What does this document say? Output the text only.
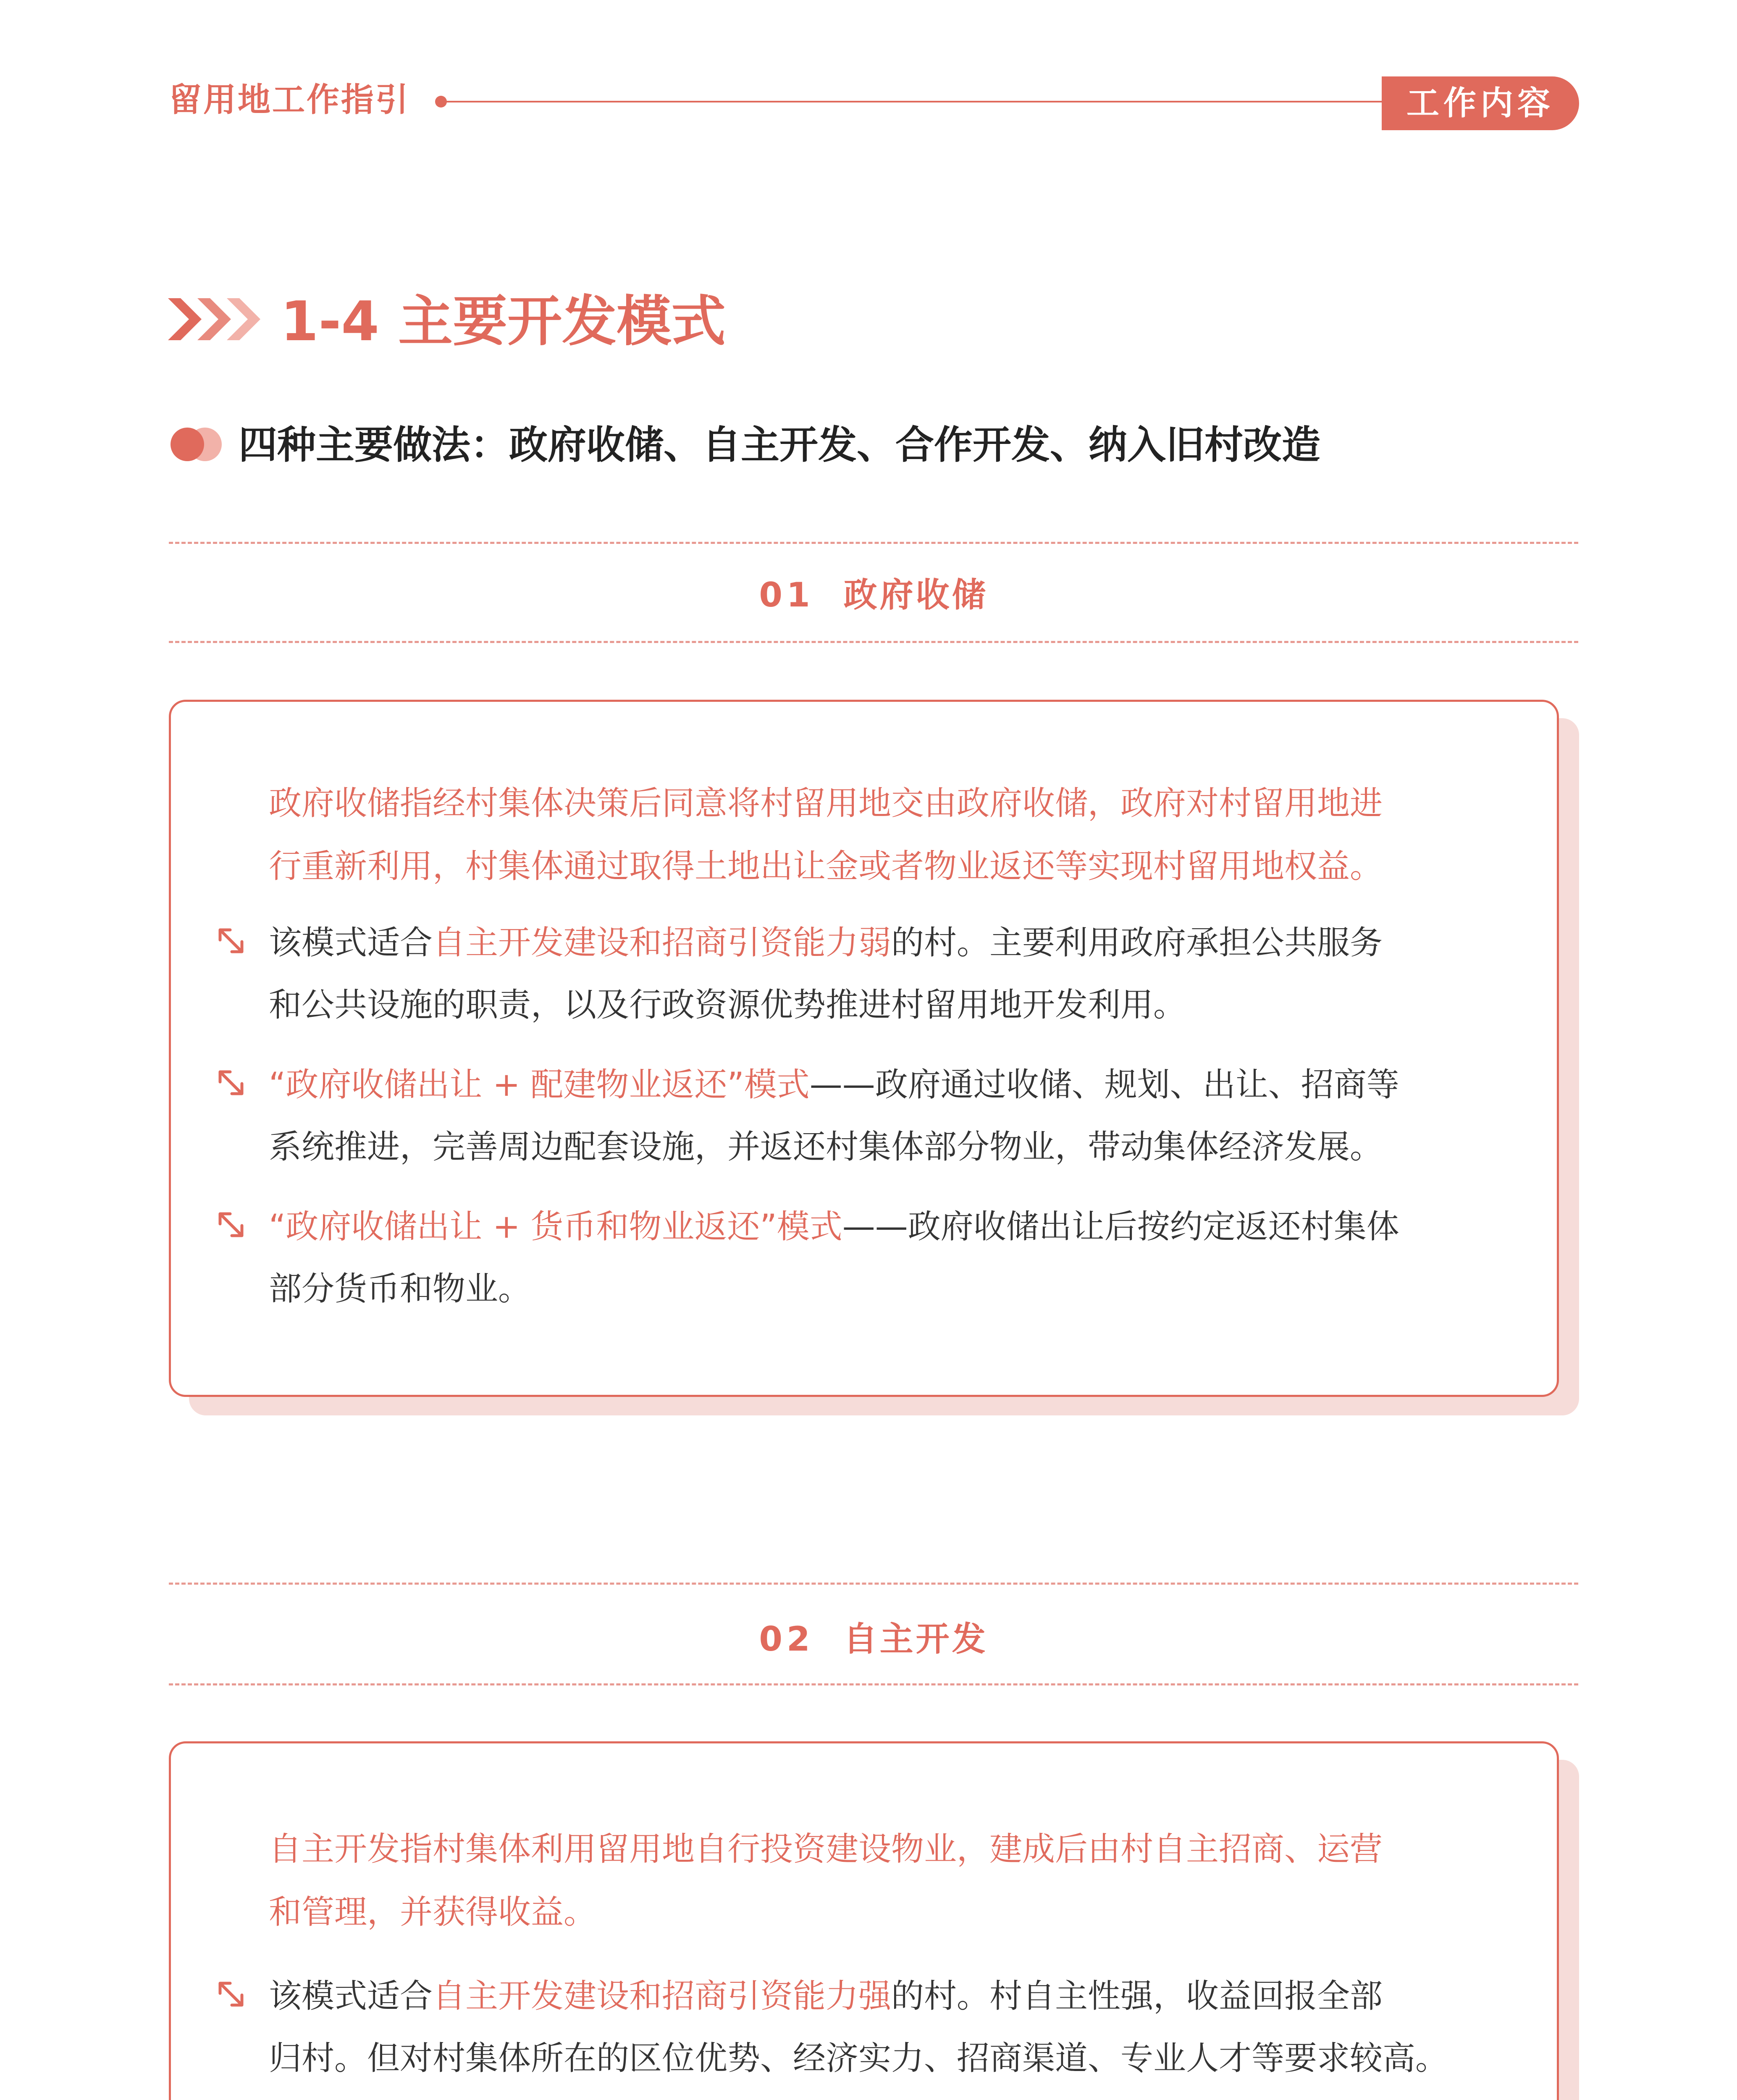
留用地工作指引	工作内容
1-4 主要开发模式
四种主要做法：政府收储、自主开发、合作开发、纳入旧村改造
01 政府收储
政府收储指经村集体决策后同意将村留用地交由政府收储，政府对村留用地进
行重新利用，村集体通过取得土地出让金或者物业返还等实现村留用地权益。
该模式适合自主开发建设和招商引资能力弱的村。主要利用政府承担公共服务
和公共设施的职责，以及行政资源优势推进村留用地开发利用。
“政府收储出让 + 配建物业返还”模式——政府通过收储、规划、出让、招商等
系统推进，完善周边配套设施，并返还村集体部分物业，带动集体经济发展。
“政府收储出让 + 货币和物业返还”模式——政府收储出让后按约定返还村集体
部分货币和物业。
02 自主开发
自主开发指村集体利用留用地自行投资建设物业，建成后由村自主招商、运营
和管理，并获得收益。
该模式适合自主开发建设和招商引资能力强的村。村自主性强，收益回报全部
归村。但对村集体所在的区位优势、经济实力、招商渠道、专业人才等要求较高。
